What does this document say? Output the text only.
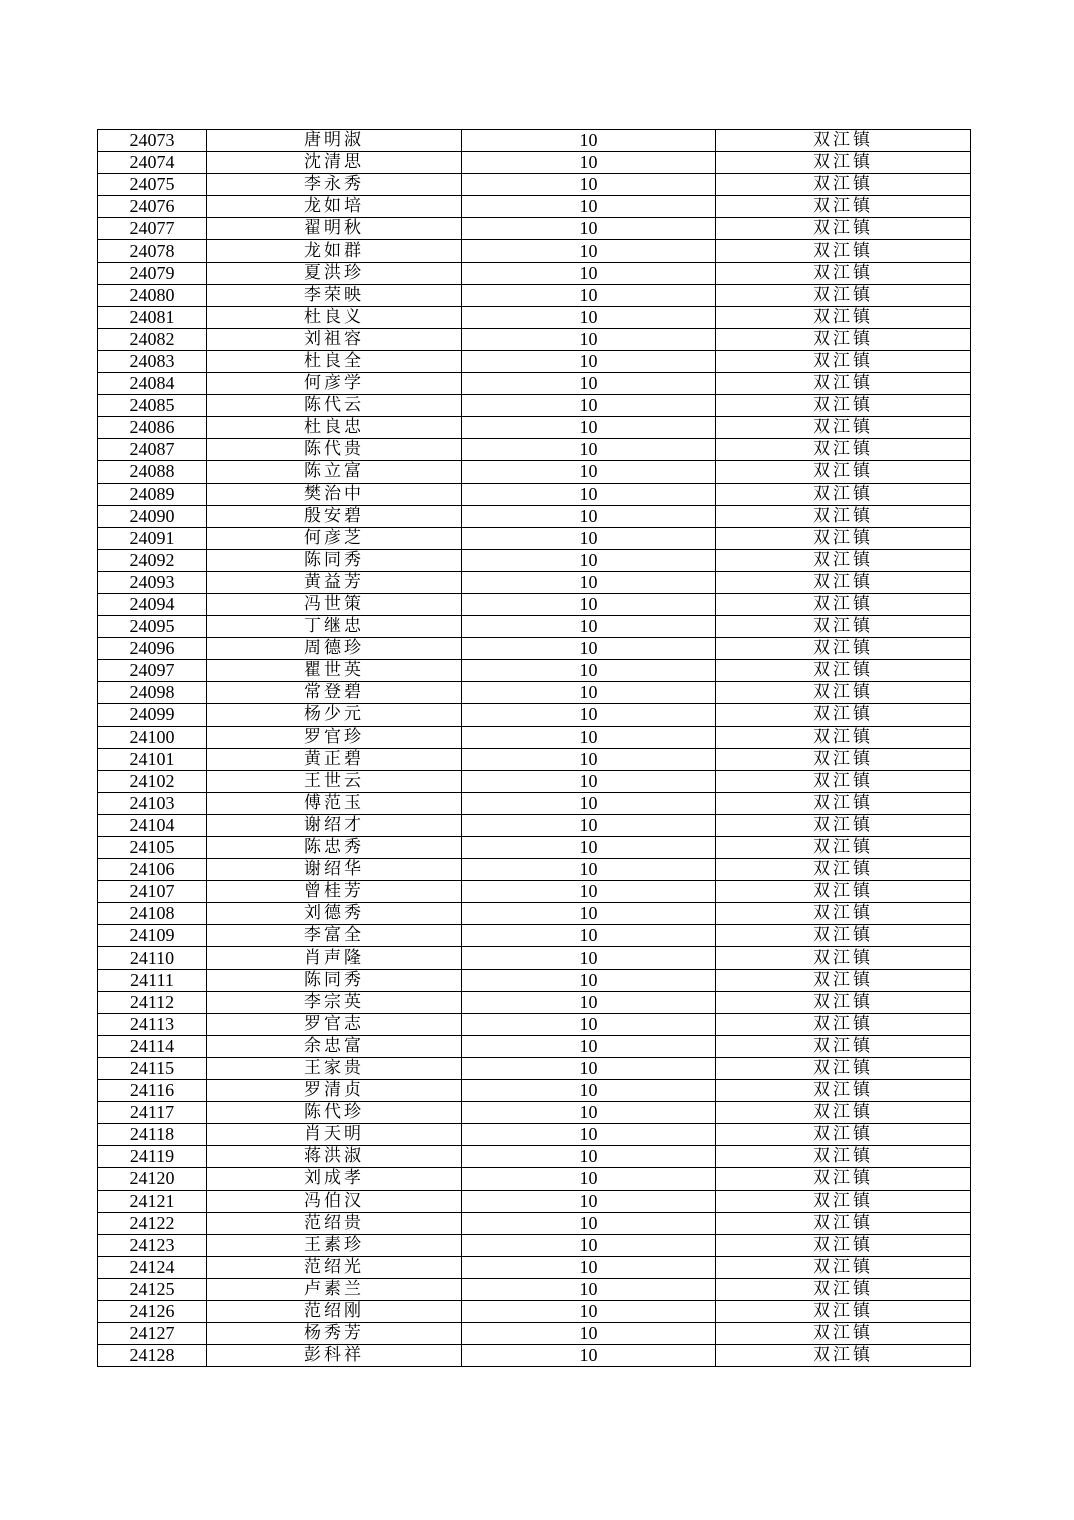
24073	唐明淑	10	双江镇
24074	沈清思	10	双江镇
24075	李永秀	10	双江镇
24076	龙如培	10	双江镇
24077	翟明秋	10	双江镇
24078	龙如群	10	双江镇
24079	夏洪珍	10	双江镇
24080	李荣映	10	双江镇
24081	杜良义	10	双江镇
24082	刘祖容	10	双江镇
24083	杜良全	10	双江镇
24084	何彦学	10	双江镇
24085	陈代云	10	双江镇
24086	杜良忠	10	双江镇
24087	陈代贵	10	双江镇
24088	陈立富	10	双江镇
24089	樊治中	10	双江镇
24090	殷安碧	10	双江镇
24091	何彦芝	10	双江镇
24092	陈同秀	10	双江镇
24093	黄益芳	10	双江镇
24094	冯世策	10	双江镇
24095	丁继忠	10	双江镇
24096	周德珍	10	双江镇
24097	瞿世英	10	双江镇
24098	常登碧	10	双江镇
24099	杨少元	10	双江镇
24100	罗官珍	10	双江镇
24101	黄正碧	10	双江镇
24102	王世云	10	双江镇
24103	傅范玉	10	双江镇
24104	谢绍才	10	双江镇
24105	陈忠秀	10	双江镇
24106	谢绍华	10	双江镇
24107	曾桂芳	10	双江镇
24108	刘德秀	10	双江镇
24109	李富全	10	双江镇
24110	肖声隆	10	双江镇
24111	陈同秀	10	双江镇
24112	李宗英	10	双江镇
24113	罗官志	10	双江镇
24114	余忠富	10	双江镇
24115	王家贵	10	双江镇
24116	罗清贞	10	双江镇
24117	陈代珍	10	双江镇
24118	肖天明	10	双江镇
24119	蒋洪淑	10	双江镇
24120	刘成孝	10	双江镇
24121	冯伯汉	10	双江镇
24122	范绍贵	10	双江镇
24123	王素珍	10	双江镇
24124	范绍光	10	双江镇
24125	卢素兰	10	双江镇
24126	范绍刚	10	双江镇
24127	杨秀芳	10	双江镇
24128	彭科祥	10	双江镇
